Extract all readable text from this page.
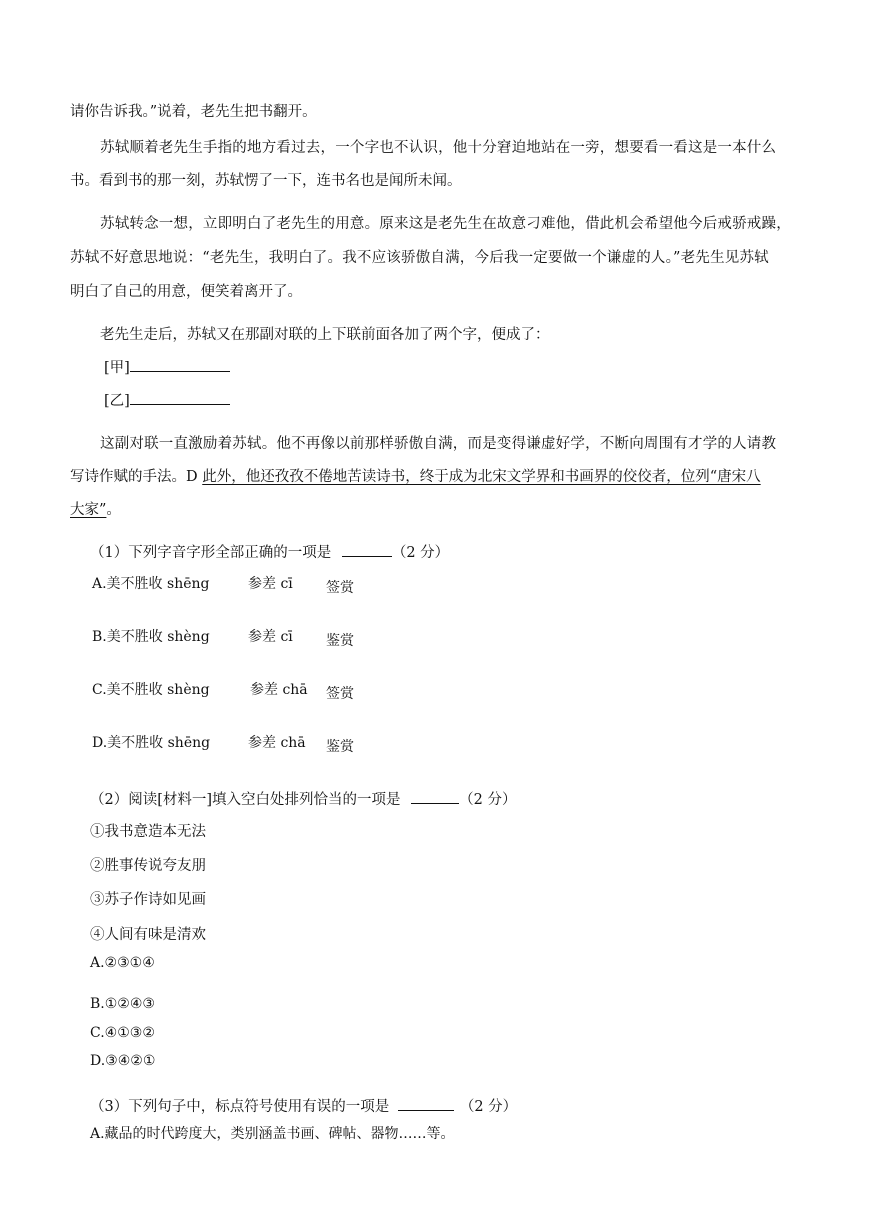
请你告诉我。”说着，老先生把书翻开。
苏轼顺着老先生手指的地方看过去，一个字也不认识，他十分窘迫地站在一旁，想要看一看这是一本什么
书。看到书的那一刻，苏轼愣了一下，连书名也是闻所未闻。
苏轼转念一想，立即明白了老先生的用意。原来这是老先生在故意刁难他，借此机会希望他今后戒骄戒躁，
苏轼不好意思地说：“老先生，我明白了。我不应该骄傲自满，今后我一定要做一个谦虚的人。”老先生见苏轼
明白了自己的用意，便笑着离开了。
老先生走后，苏轼又在那副对联的上下联前面各加了两个字，便成了：
[甲]
[乙]
这副对联一直激励着苏轼。他不再像以前那样骄傲自满，而是变得谦虚好学，不断向周围有才学的人请教
写诗作赋的手法。D 此外，他还孜孜不倦地苦读诗书，终于成为北宋文学界和书画界的佼佼者，位列“唐宋八
大家”。
（1）下列字音字形全部正确的一项是	（2 分）
A.美不胜收 shēng	参差 cī 签赏
B.美不胜收 shèng	参差 cī 鉴赏
C.美不胜收 shèng	参差 chā 签赏
D.美不胜收 shēng	参差 chā 鉴赏
（2）阅读[材料一]填入空白处排列恰当的一项是	（2 分）
①我书意造本无法
②胜事传说夸友朋
③苏子作诗如见画
④人间有味是清欢
A.②③①④
B.①②④③
C.④①③②
D.③④②①
（3）下列句子中，标点符号使用有误的一项是	（2 分）
A.藏品的时代跨度大，类别涵盖书画、碑帖、器物……等。
